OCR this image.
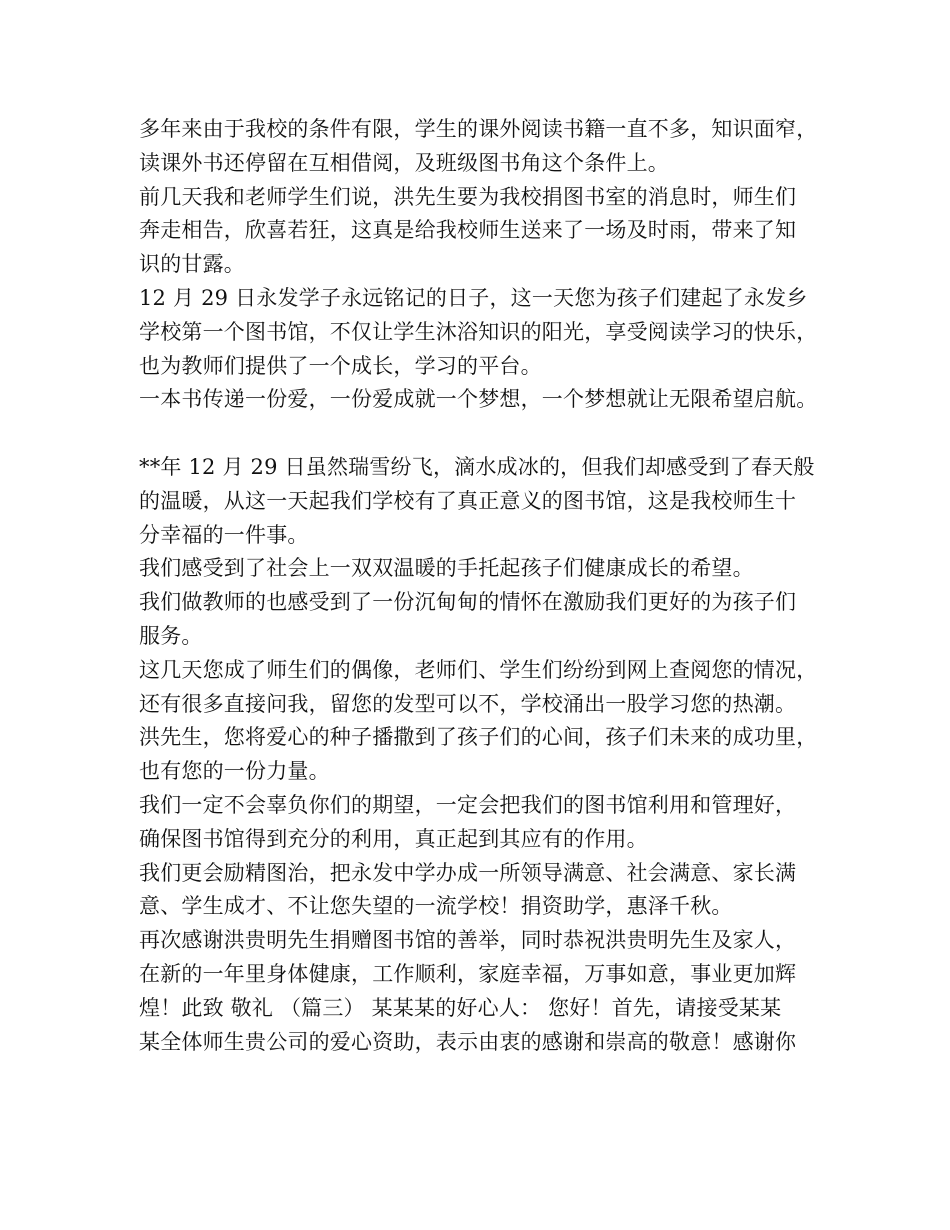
多年来由于我校的条件有限，学生的课外阅读书籍一直不多，知识面窄，
读课外书还停留在互相借阅，及班级图书角这个条件上。
前几天我和老师学生们说，洪先生要为我校捐图书室的消息时，师生们
奔走相告，欣喜若狂，这真是给我校师生送来了一场及时雨，带来了知
识的甘露。
12 月 29 日永发学子永远铭记的日子，这一天您为孩子们建起了永发乡
学校第一个图书馆，不仅让学生沐浴知识的阳光，享受阅读学习的快乐，
也为教师们提供了一个成长，学习的平台。
一本书传递一份爱，一份爱成就一个梦想，一个梦想就让无限希望启航。
**年 12 月 29 日虽然瑞雪纷飞，滴水成冰的，但我们却感受到了春天般
的温暖，从这一天起我们学校有了真正意义的图书馆，这是我校师生十
分幸福的一件事。
我们感受到了社会上一双双温暖的手托起孩子们健康成长的希望。
我们做教师的也感受到了一份沉甸甸的情怀在激励我们更好的为孩子们
服务。
这几天您成了师生们的偶像，老师们、学生们纷纷到网上查阅您的情况，
还有很多直接问我，留您的发型可以不，学校涌出一股学习您的热潮。
洪先生，您将爱心的种子播撒到了孩子们的心间，孩子们未来的成功里，
也有您的一份力量。
我们一定不会辜负你们的期望，一定会把我们的图书馆利用和管理好，
确保图书馆得到充分的利用，真正起到其应有的作用。
我们更会励精图治，把永发中学办成一所领导满意、社会满意、家长满
意、学生成才、不让您失望的一流学校！捐资助学，惠泽千秋。
再次感谢洪贵明先生捐赠图书馆的善举，同时恭祝洪贵明先生及家人，
在新的一年里身体健康，工作顺利，家庭幸福，万事如意，事业更加辉
煌！此致 敬礼 （篇三） 某某某的好心人： 您好！首先，请接受某某
某全体师生贵公司的爱心资助，表示由衷的感谢和崇高的敬意！感谢你
